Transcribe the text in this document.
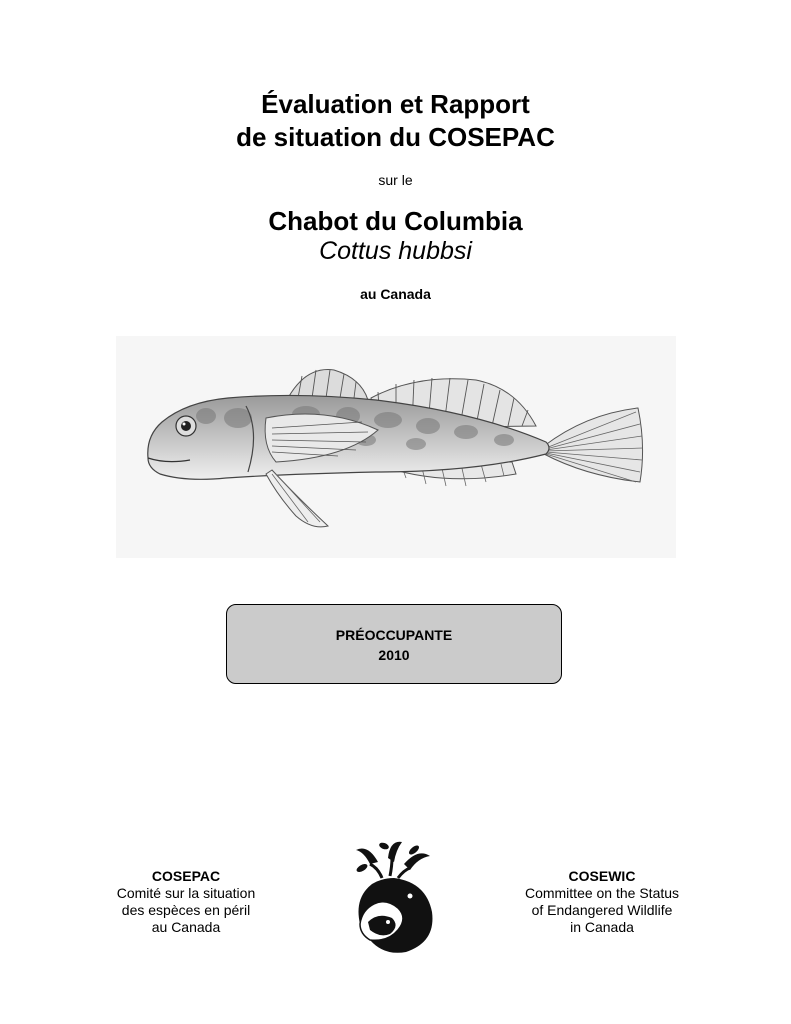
Évaluation et Rapport
de situation du COSEPAC
sur le
Chabot du Columbia
Cottus hubbsi
au Canada
PRÉOCCUPANTE
2010
COSEPAC
Comité sur la situation
des espèces en péril
au Canada
COSEWIC
Committee on the Status
of Endangered Wildlife
in Canada
